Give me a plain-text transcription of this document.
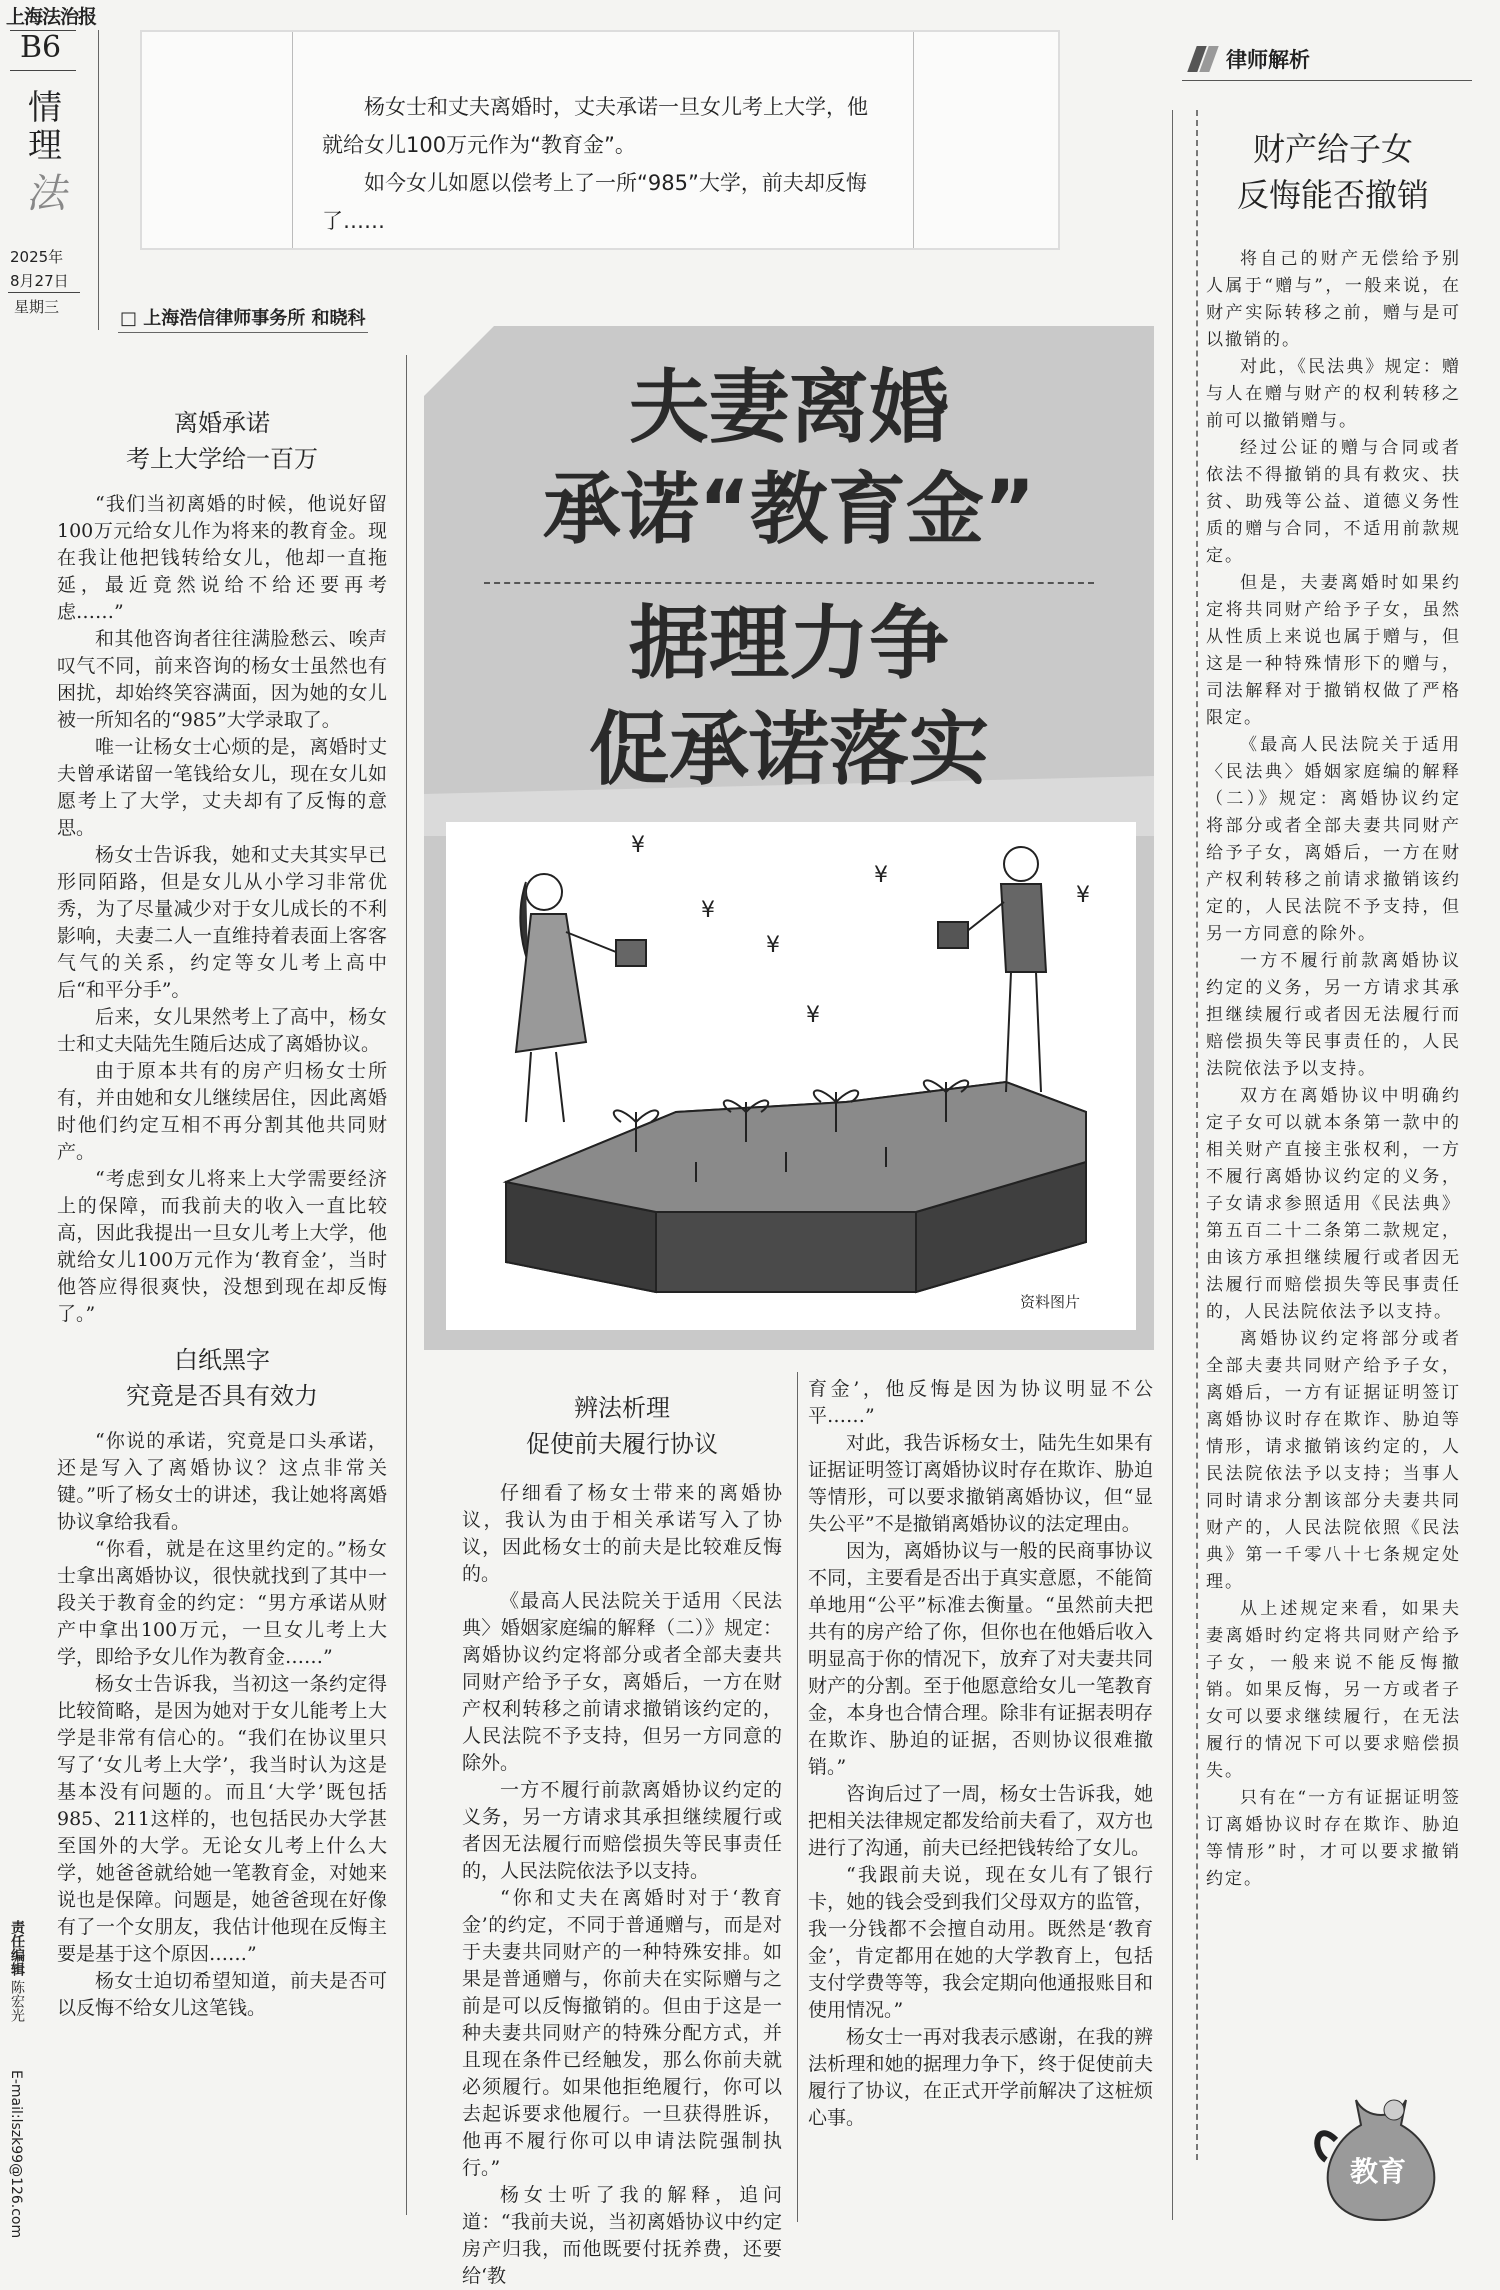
上海法治报
B6
情
理
法
2025年
8月27日
星期三
责任编辑 陈宏光
E-mail:lszk99@126.com

杨女士和丈夫离婚时，丈夫承诺一旦女儿考上大学，他就给女儿100万元作为“教育金”。

如今女儿如愿以偿考上了一所“985”大学，前夫却反悔了……

□ 上海浩信律师事务所 和晓科
夫妻离婚
承诺“教育金”
据理力争
促承诺落实
¥
¥
¥
¥
¥
¥
资料图片
离婚承诺
考上大学给一百万

“我们当初离婚的时候，他说好留100万元给女儿作为将来的教育金。现在我让他把钱转给女儿，他却一直拖延，最近竟然说给不给还要再考虑……”

和其他咨询者往往满脸愁云、唉声叹气不同，前来咨询的杨女士虽然也有困扰，却始终笑容满面，因为她的女儿被一所知名的“985”大学录取了。

唯一让杨女士心烦的是，离婚时丈夫曾承诺留一笔钱给女儿，现在女儿如愿考上了大学，丈夫却有了反悔的意思。

杨女士告诉我，她和丈夫其实早已形同陌路，但是女儿从小学习非常优秀，为了尽量减少对于女儿成长的不利影响，夫妻二人一直维持着表面上客客气气的关系，约定等女儿考上高中后“和平分手”。

后来，女儿果然考上了高中，杨女士和丈夫陆先生随后达成了离婚协议。

由于原本共有的房产归杨女士所有，并由她和女儿继续居住，因此离婚时他们约定互相不再分割其他共同财产。

“考虑到女儿将来上大学需要经济上的保障，而我前夫的收入一直比较高，因此我提出一旦女儿考上大学，他就给女儿100万元作为‘教育金’，当时他答应得很爽快，没想到现在却反悔了。”

白纸黑字
究竟是否具有效力

“你说的承诺，究竟是口头承诺，还是写入了离婚协议？这点非常关键。”听了杨女士的讲述，我让她将离婚协议拿给我看。

“你看，就是在这里约定的。”杨女士拿出离婚协议，很快就找到了其中一段关于教育金的约定：“男方承诺从财产中拿出100万元，一旦女儿考上大学，即给予女儿作为教育金……”

杨女士告诉我，当初这一条约定得比较简略，是因为她对于女儿能考上大学是非常有信心的。“我们在协议里只写了‘女儿考上大学’，我当时认为这是基本没有问题的。而且‘大学’既包括985、211这样的，也包括民办大学甚至国外的大学。无论女儿考上什么大学，她爸爸就给她一笔教育金，对她来说也是保障。问题是，她爸爸现在好像有了一个女朋友，我估计他现在反悔主要是基于这个原因……”

杨女士迫切希望知道，前夫是否可以反悔不给女儿这笔钱。

辨法析理
促使前夫履行协议

仔细看了杨女士带来的离婚协议，我认为由于相关承诺写入了协议，因此杨女士的前夫是比较难反悔的。

《最高人民法院关于适用〈民法典〉婚姻家庭编的解释（二）》规定：离婚协议约定将部分或者全部夫妻共同财产给予子女，离婚后，一方在财产权利转移之前请求撤销该约定的，人民法院不予支持，但另一方同意的除外。

一方不履行前款离婚协议约定的义务，另一方请求其承担继续履行或者因无法履行而赔偿损失等民事责任的，人民法院依法予以支持。

“你和丈夫在离婚时对于‘教育金’的约定，不同于普通赠与，而是对于夫妻共同财产的一种特殊安排。如果是普通赠与，你前夫在实际赠与之前是可以反悔撤销的。但由于这是一种夫妻共同财产的特殊分配方式，并且现在条件已经触发，那么你前夫就必须履行。如果他拒绝履行，你可以去起诉要求他履行。一旦获得胜诉，他再不履行你可以申请法院强制执行。”

杨女士听了我的解释，追问道：“我前夫说，当初离婚协议中约定房产归我，而他既要付抚养费，还要给‘教

育金’，他反悔是因为协议明显不公平……”

对此，我告诉杨女士，陆先生如果有证据证明签订离婚协议时存在欺诈、胁迫等情形，可以要求撤销离婚协议，但“显失公平”不是撤销离婚协议的法定理由。

因为，离婚协议与一般的民商事协议不同，主要看是否出于真实意愿，不能简单地用“公平”标准去衡量。“虽然前夫把共有的房产给了你，但你也在他婚后收入明显高于你的情况下，放弃了对夫妻共同财产的分割。至于他愿意给女儿一笔教育金，本身也合情合理。除非有证据表明存在欺诈、胁迫的证据，否则协议很难撤销。”

咨询后过了一周，杨女士告诉我，她把相关法律规定都发给前夫看了，双方也进行了沟通，前夫已经把钱转给了女儿。

“我跟前夫说，现在女儿有了银行卡，她的钱会受到我们父母双方的监管，我一分钱都不会擅自动用。既然是‘教育金’，肯定都用在她的大学教育上，包括支付学费等等，我会定期向他通报账目和使用情况。”

杨女士一再对我表示感谢，在我的辨法析理和她的据理力争下，终于促使前夫履行了协议，在正式开学前解决了这桩烦心事。

律师解析
财产给子女
反悔能否撤销

将自己的财产无偿给予别人属于“赠与”，一般来说，在财产实际转移之前，赠与是可以撤销的。

对此，《民法典》规定：赠与人在赠与财产的权利转移之前可以撤销赠与。

经过公证的赠与合同或者依法不得撤销的具有救灾、扶贫、助残等公益、道德义务性质的赠与合同，不适用前款规定。

但是，夫妻离婚时如果约定将共同财产给予子女，虽然从性质上来说也属于赠与，但这是一种特殊情形下的赠与，司法解释对于撤销权做了严格限定。

《最高人民法院关于适用〈民法典〉婚姻家庭编的解释（二）》规定：离婚协议约定将部分或者全部夫妻共同财产给予子女，离婚后，一方在财产权利转移之前请求撤销该约定的，人民法院不予支持，但另一方同意的除外。

一方不履行前款离婚协议约定的义务，另一方请求其承担继续履行或者因无法履行而赔偿损失等民事责任的，人民法院依法予以支持。

双方在离婚协议中明确约定子女可以就本条第一款中的相关财产直接主张权利，一方不履行离婚协议约定的义务，子女请求参照适用《民法典》第五百二十二条第二款规定，由该方承担继续履行或者因无法履行而赔偿损失等民事责任的，人民法院依法予以支持。

离婚协议约定将部分或者全部夫妻共同财产给予子女，离婚后，一方有证据证明签订离婚协议时存在欺诈、胁迫等情形，请求撤销该约定的，人民法院依法予以支持；当事人同时请求分割该部分夫妻共同财产的，人民法院依照《民法典》第一千零八十七条规定处理。

从上述规定来看，如果夫妻离婚时约定将共同财产给予子女，一般来说不能反悔撤销。如果反悔，另一方或者子女可以要求继续履行，在无法履行的情况下可以要求赔偿损失。

只有在“一方有证据证明签订离婚协议时存在欺诈、胁迫等情形”时，才可以要求撤销约定。

教育
